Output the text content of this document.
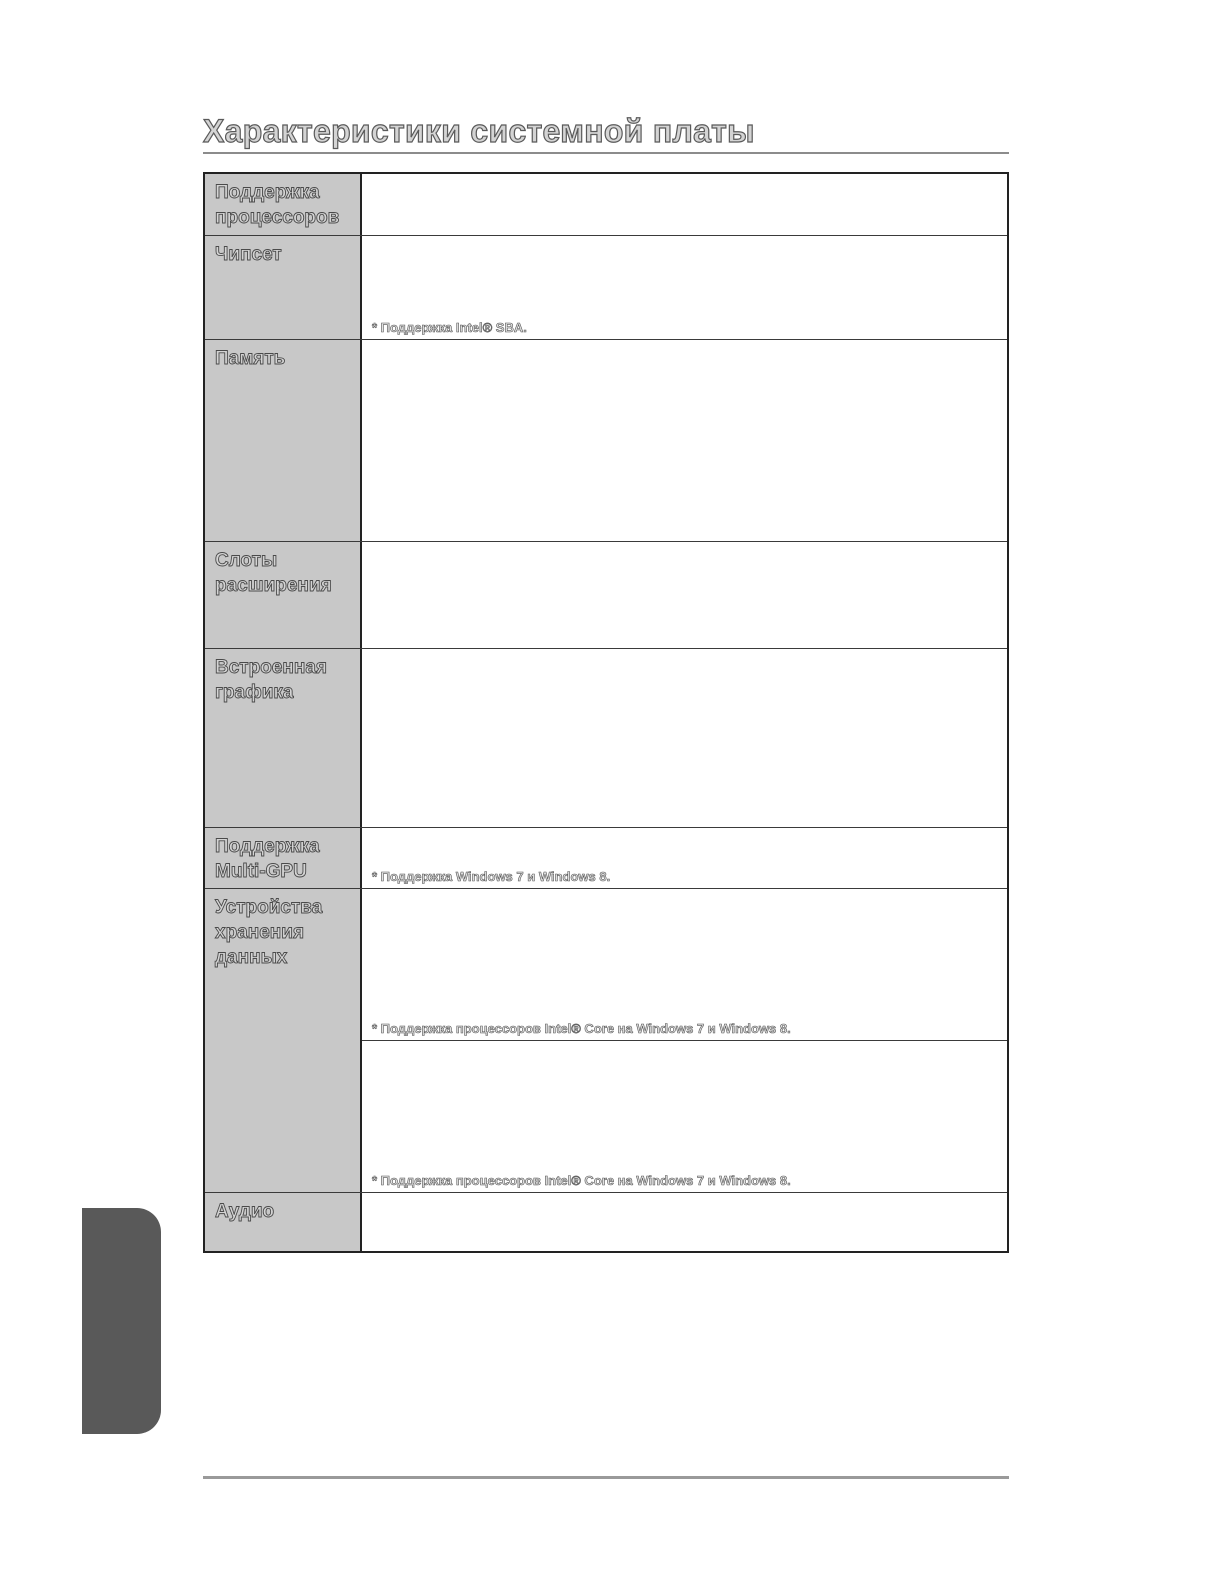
Характеристики системной платы
Поддержка
процессоров
Чипсет
* Поддержка Intel® SBA.
Память
Слоты
расширения
Встроенная
графика
Поддержка
Multi-GPU	* Поддержка Windows 7 и Windows 8.
Устройства
хранения
данных
* Поддержка процессоров Intel® Core на Windows 7 и Windows 8.
* Поддержка процессоров Intel® Core на Windows 7 и Windows 8.
Аудио
